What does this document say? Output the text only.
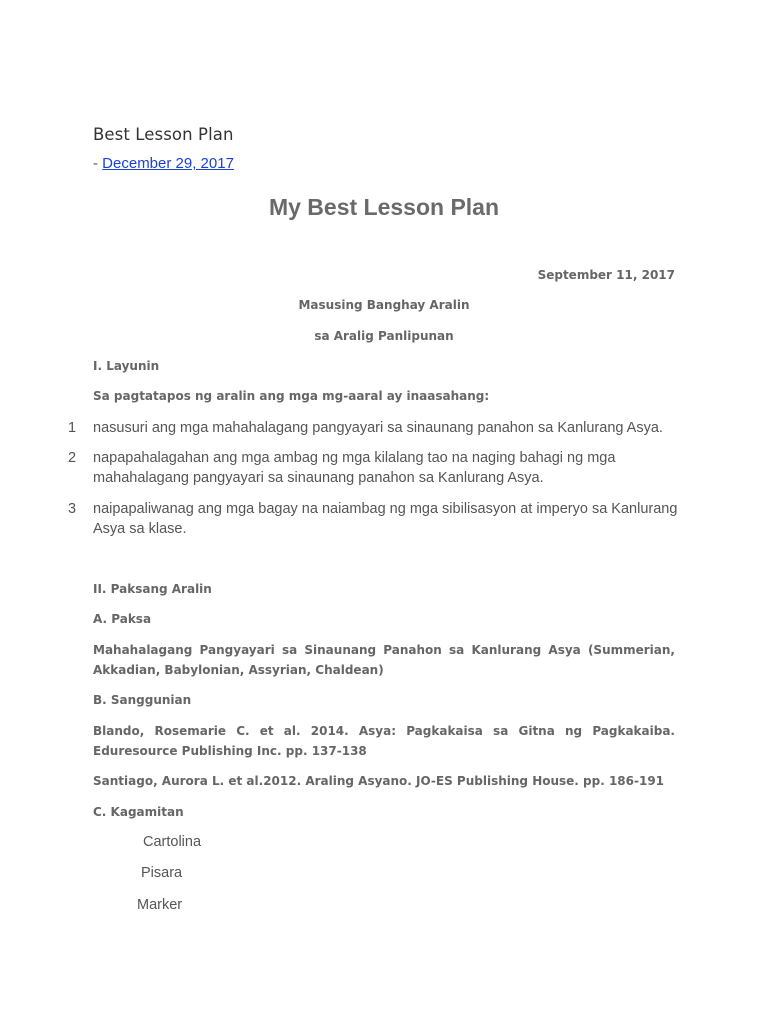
Best Lesson Plan
- December 29, 2017
My Best Lesson Plan
September 11, 2017
Masusing Banghay Aralin
sa Aralig Panlipunan
I. Layunin
Sa pagtatapos ng aralin ang mga mg-aaral ay inaasahang:
1 nasusuri ang mga mahahalagang pangyayari sa sinaunang panahon sa Kanlurang Asya.
2 napapahalagahan ang mga ambag ng mga kilalang tao na naging bahagi ng mga mahahalagang pangyayari sa sinaunang panahon sa Kanlurang Asya.
3 naipapaliwanag ang mga bagay na naiambag ng mga sibilisasyon at imperyo sa Kanlurang Asya sa klase.
II. Paksang Aralin
A. Paksa
Mahahalagang Pangyayari sa Sinaunang Panahon sa Kanlurang Asya (Summerian, Akkadian, Babylonian, Assyrian, Chaldean)
B. Sanggunian
Blando, Rosemarie C. et al. 2014. Asya: Pagkakaisa sa Gitna ng Pagkakaiba. Eduresource Publishing Inc. pp. 137-138
Santiago, Aurora L. et al.2012. Araling Asyano. JO-ES Publishing House. pp. 186-191
C. Kagamitan
Cartolina
Pisara
Marker
